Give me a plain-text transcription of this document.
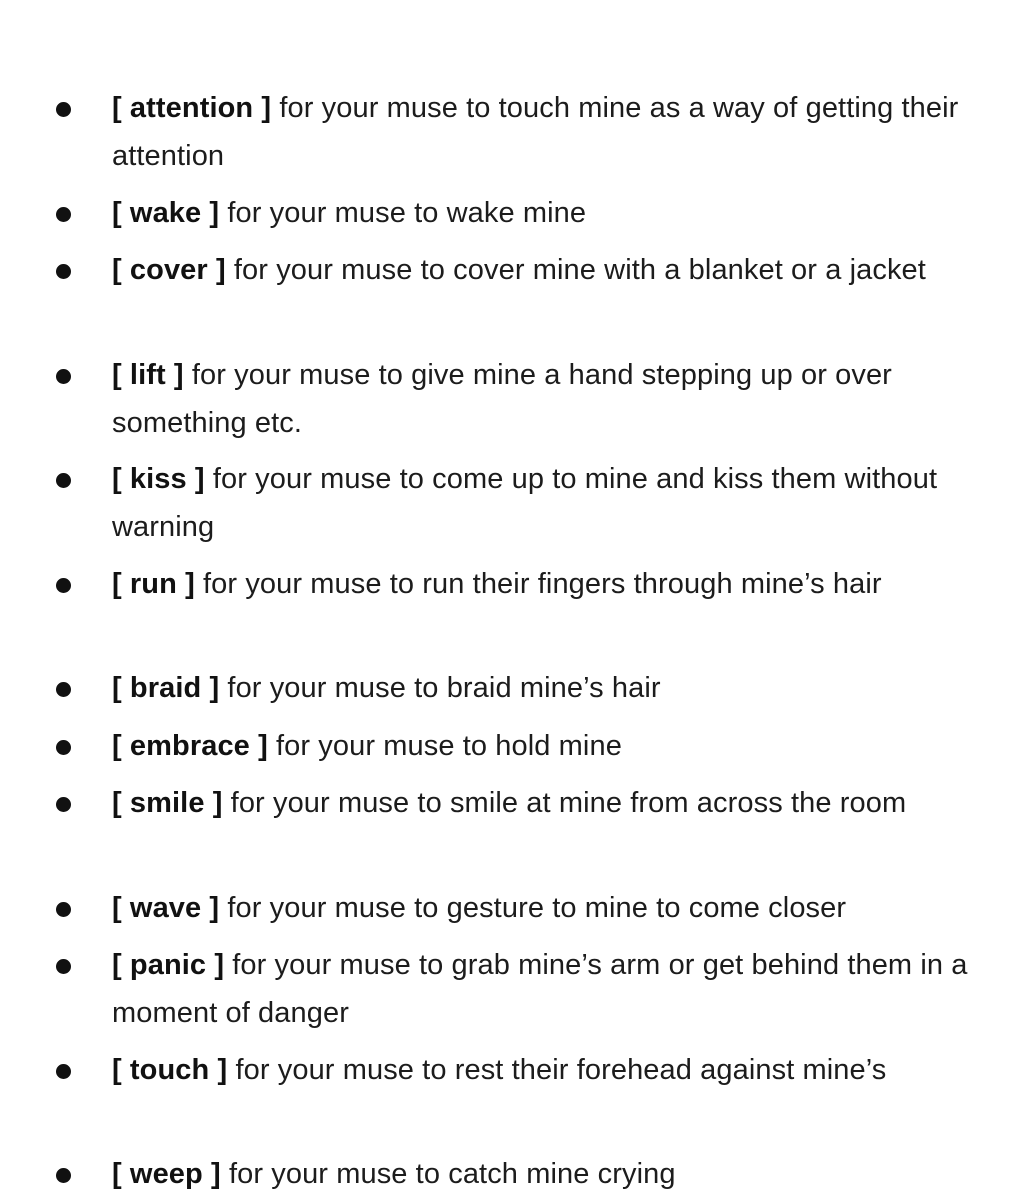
[ attention ] for your muse to touch mine as a way of getting their attention
[ wake ] for your muse to wake mine
[ cover ] for your muse to cover mine with a blanket or a jacket
[ lift ] for your muse to give mine a hand stepping up or over something etc.
[ kiss ] for your muse to come up to mine and kiss them without warning
[ run ] for your muse to run their fingers through mine’s hair
[ braid ] for your muse to braid mine’s hair
[ embrace ] for your muse to hold mine
[ smile ] for your muse to smile at mine from across the room
[ wave ] for your muse to gesture to mine to come closer
[ panic ] for your muse to grab mine’s arm or get behind them in a moment of danger
[ touch ] for your muse to rest their forehead against mine’s
[ weep ] for your muse to catch mine crying
